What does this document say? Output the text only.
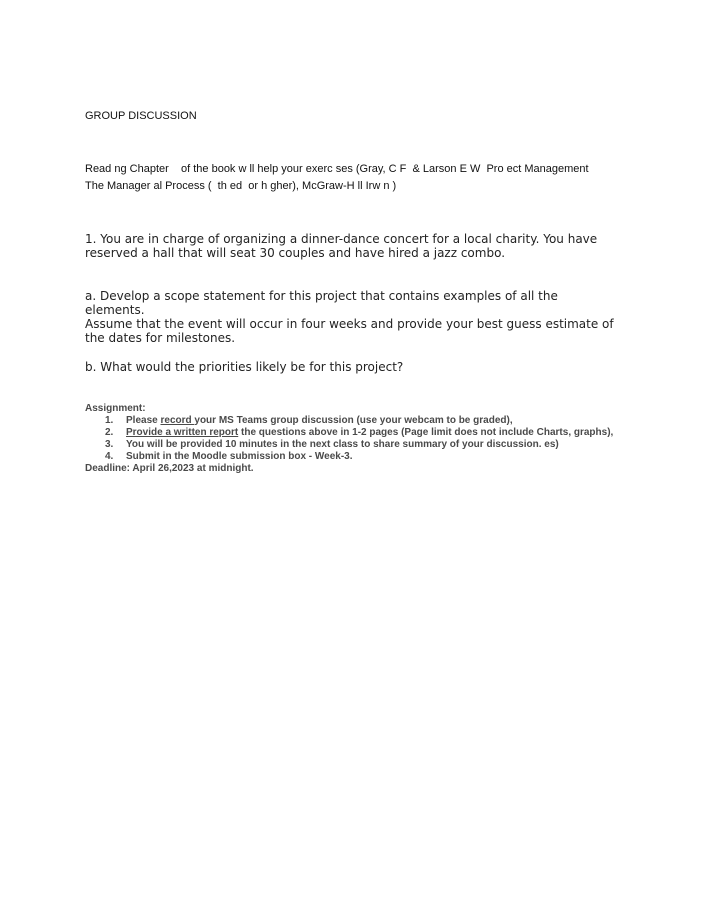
GROUP DISCUSSION
Read ng Chapter    of the book w ll help your exerc ses (Gray, C F  & Larson E W  Pro ect Management
The Manager al Process (  th ed  or h gher), McGraw-H ll Irw n )
1. You are in charge of organizing a dinner-dance concert for a local charity. You have
reserved a hall that will seat 30 couples and have hired a jazz combo.
a. Develop a scope statement for this project that contains examples of all the
elements.
Assume that the event will occur in four weeks and provide your best guess estimate of
the dates for milestones.
b. What would the priorities likely be for this project?
Assignment:
1. Please record your MS Teams group discussion (use your webcam to be graded),
2. Provide a written report the questions above in 1-2 pages (Page limit does not include Charts, graphs),
3. You will be provided 10 minutes in the next class to share summary of your discussion. es)
4. Submit in the Moodle submission box - Week-3.
Deadline: April 26,2023 at midnight.
